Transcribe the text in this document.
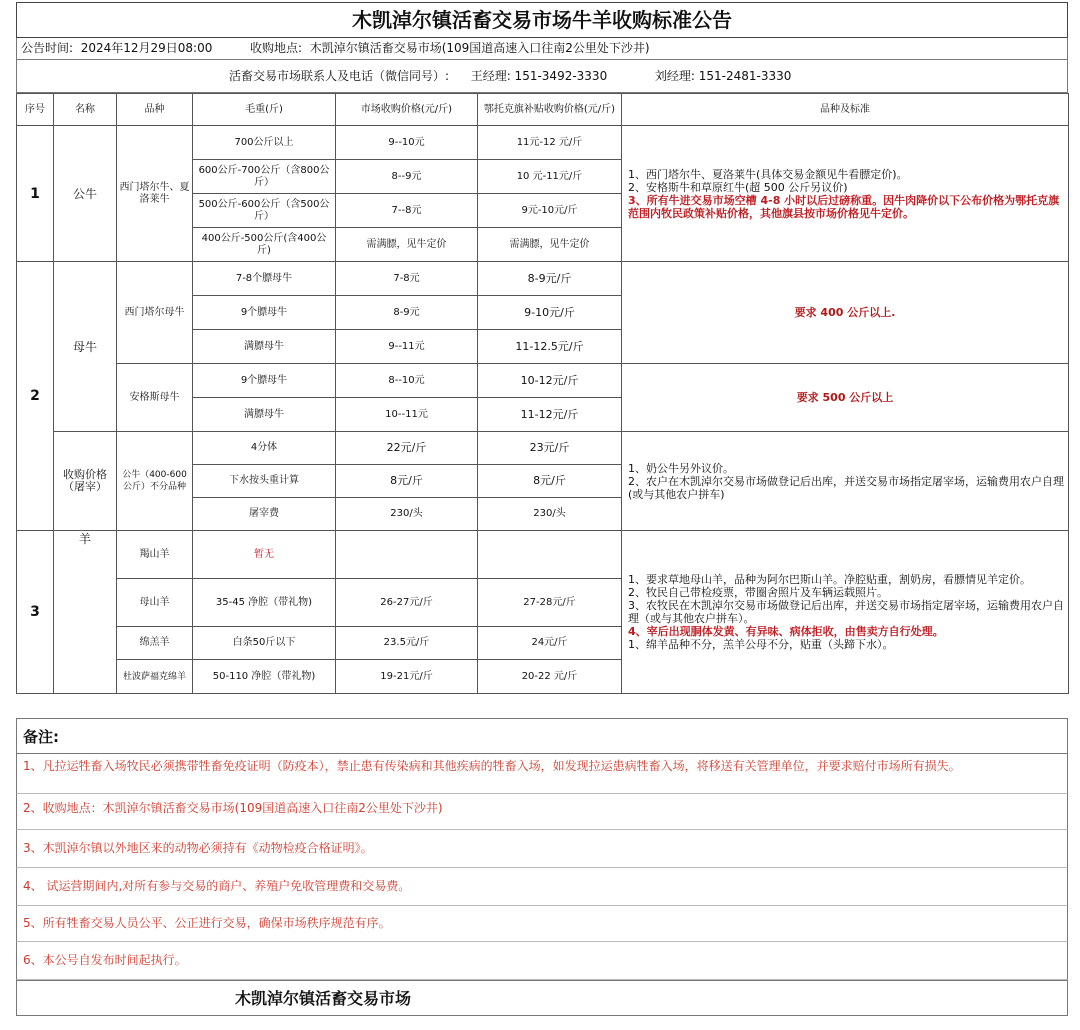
木凯淖尔镇活畜交易市场牛羊收购标准公告
公告时间: 2024年12月29日08:00	收购地点: 木凯淖尔镇活畜交易市场(109国道高速入口往南2公里处下沙井)
活畜交易市场联系人及电话（微信同号）: 王经理: 151-3492-3330	刘经理: 151-2481-3330
序号	名称	品种	毛重(斤)	市场收购价格(元/斤)	鄂托克旗补贴收购价格(元/斤)	品种及标准
1	公牛	西门塔尔牛、夏洛莱牛	700公斤以上	9--10元	11元-12 元/斤	1、西门塔尔牛、夏洛莱牛(具体交易金额见牛看膘定价)。
2、安格斯牛和草原红牛(超 500 公斤另议价)
3、所有牛进交易市场空槽 4-8 小时以后过磅称重。因牛肉降价以下公布价格为鄂托克旗范围内牧民政策补贴价格，其他旗县按市场价格见牛定价。

			600公斤-700公斤（含800公斤）	8--9元	10 元-11元/斤	
			500公斤-600公斤（含500公斤）	7--8元	9元-10元/斤	
			400公斤-500公斤(含400公斤)	需满膘，见牛定价	需满膘，见牛定价	
2	母牛	西门塔尔母牛	7-8个膘母牛	7-8元	8-9元/斤	要求 400 公斤以上.
			9个膘母牛	8-9元	9-10元/斤	
			满膘母牛	9--11元	11-12.5元/斤	
		安格斯母牛	9个膘母牛	8--10元	10-12元/斤	要求 500 公斤以上
			满膘母牛	10--11元	11-12元/斤	
	收购价格（屠宰）	公牛（400-600 公斤）不分品种	4分体	22元/斤	23元/斤	1、奶公牛另外议价。
2、农户在木凯淖尔交易市场做登记后出库，并送交易市场指定屠宰场，运输费用农户自理(或与其他农户拼车)

			下水按头重计算	8元/斤	8元/斤	
			屠宰费	230/头	230/头	
3	羊	羯山羊	暂无			1、要求草地母山羊，品种为阿尔巴斯山羊。净腔贴重，割奶房，看膘情见羊定价。
2、牧民自己带检疫票，带圈舍照片及车辆运载照片。
3、农牧民在木凯淖尔交易市场做登记后出库，并送交易市场指定屠宰场，运输费用农户自理（或与其他农户拼车）。
4、宰后出现胴体发黄、有异味、病体拒收，由售卖方自行处理。
1、绵羊品种不分，羔羊公母不分，贴重（头蹄下水）。

		母山羊	35-45 净腔（带礼物)	26-27元/斤	27-28元/斤	
		绵羔羊	白条50斤以下	23.5元/斤	24元/斤	
		杜波萨福克绵羊	50-110 净腔（带礼物)	19-21元/斤	20-22 元/斤	
备注:
1、凡拉运牲畜入场牧民必须携带牲畜免疫证明（防疫本），禁止患有传染病和其他疾病的牲畜入场，如发现拉运患病牲畜入场，将移送有关管理单位，并要求赔付市场所有损失。
2、收购地点：木凯淖尔镇活畜交易市场(109国道高速入口往南2公里处下沙井)
3、木凯淖尔镇以外地区来的动物必须持有《动物检疫合格证明》。
4、 试运营期间内,对所有参与交易的商户、养殖户免收管理费和交易费。
5、所有牲畜交易人员公平、公正进行交易，确保市场秩序规范有序。
6、本公号自发布时间起执行。
木凯淖尔镇活畜交易市场
